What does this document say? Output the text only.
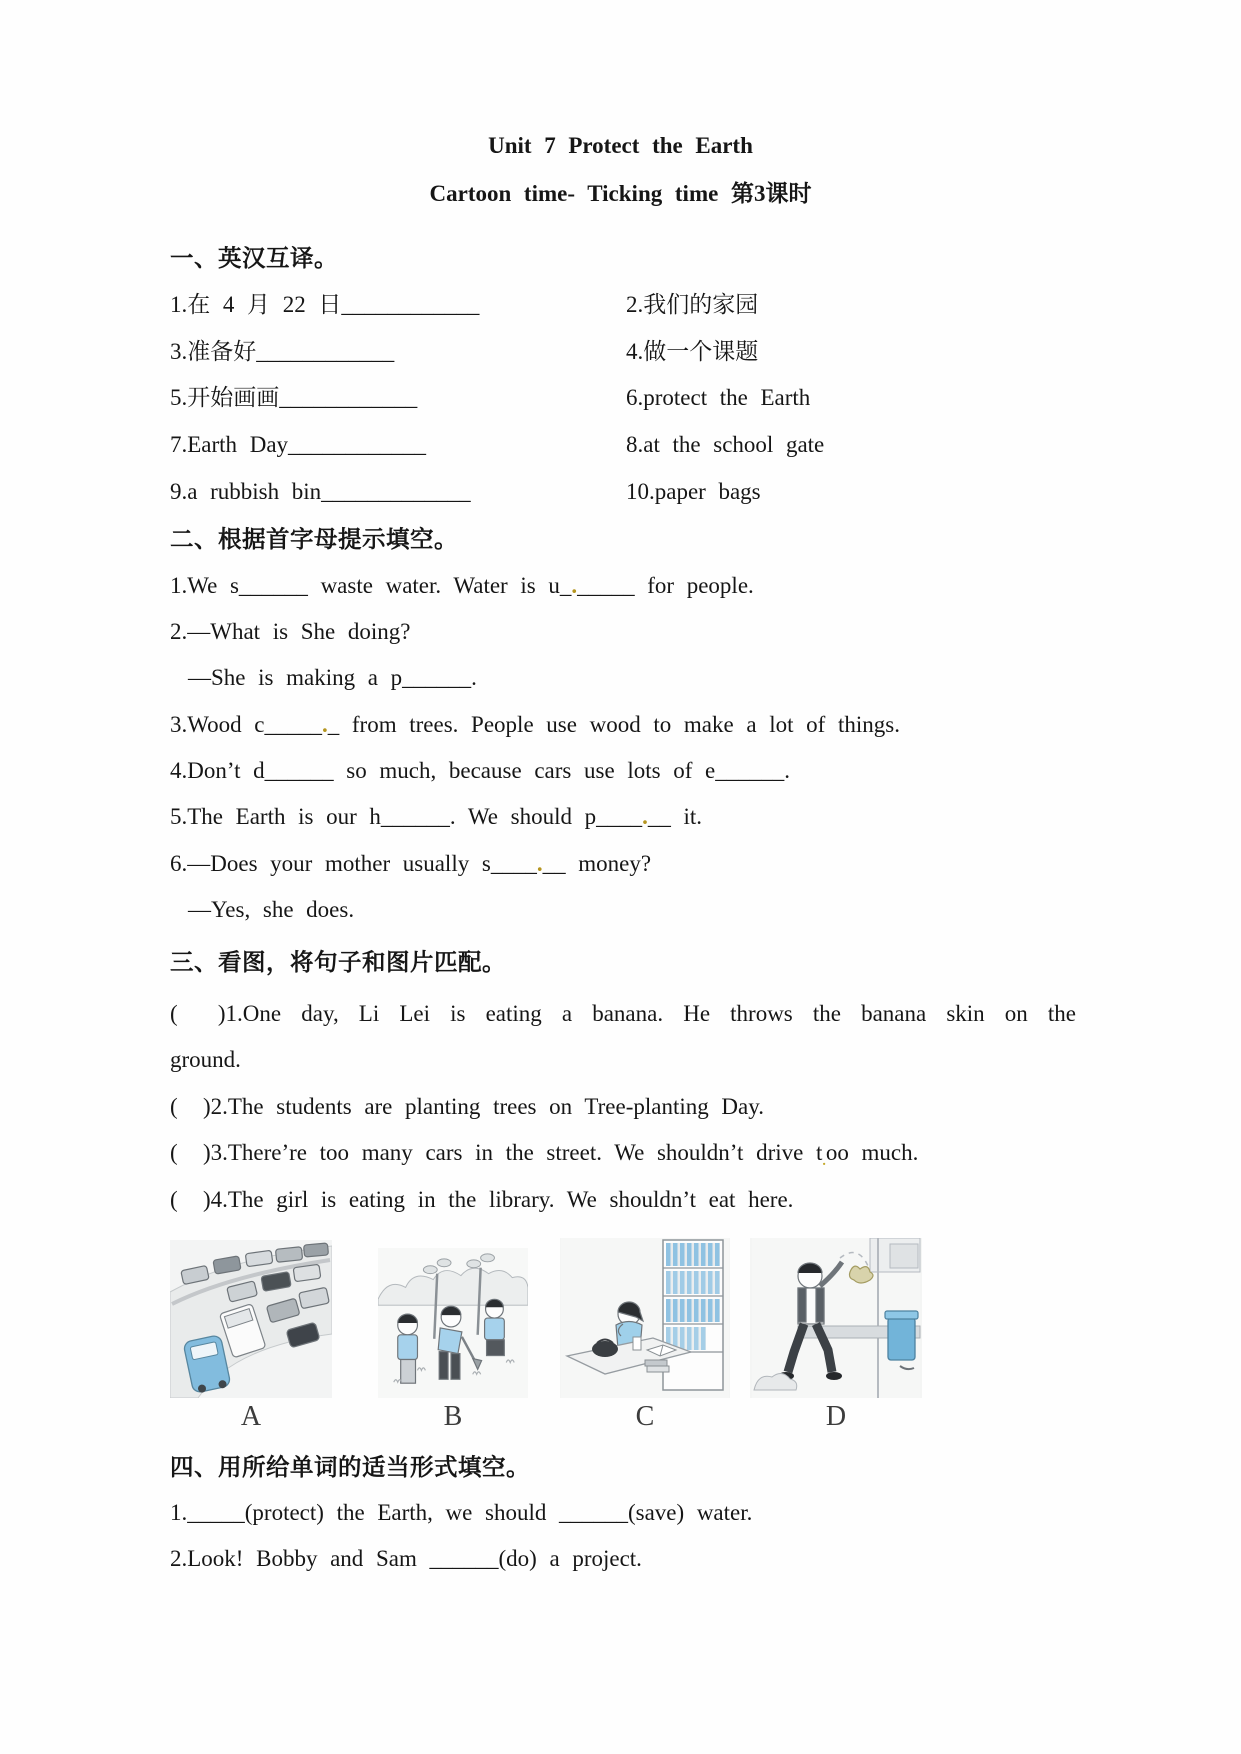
Unit 7 Protect the Earth
Cartoon time- Ticking time 第3课时
一、英汉互译。
1.在 4 月 22 日____________	2.我们的家园
3.准备好____________	4.做一个课题
5.开始画画____________	6.protect the Earth
7.Earth Day____________	8.at the school gate
9.a rubbish bin_____________	10.paper bags
二、根据首字母提示填空。
1.We s______ waste water. Water is u_._____ for people.
2.—What is She doing?
—She is making a p______.
3.Wood c_____._ from trees. People use wood to make a lot of things.
4.Don’t d______ so much, because cars use lots of e______.
5.The Earth is our h______. We should p____.__ it.
6.—Does your mother usually s____.__ money?
—Yes, she does.
三、看图，将句子和图片匹配。
(  )1.One day, Li Lei is eating a banana. He throws the banana skin on the
ground.
(  )2.The students are planting trees on Tree-planting Day.
(  )3.There’re too many cars in the street. We shouldn’t drive $t_.oo$ much.
(  )4.The girl is eating in the library. We shouldn’t eat here.
A	B	C	D
四、用所给单词的适当形式填空。
1._____(protect) the Earth, we should ______(save) water.
2.Look! Bobby and Sam ______(do) a project.
